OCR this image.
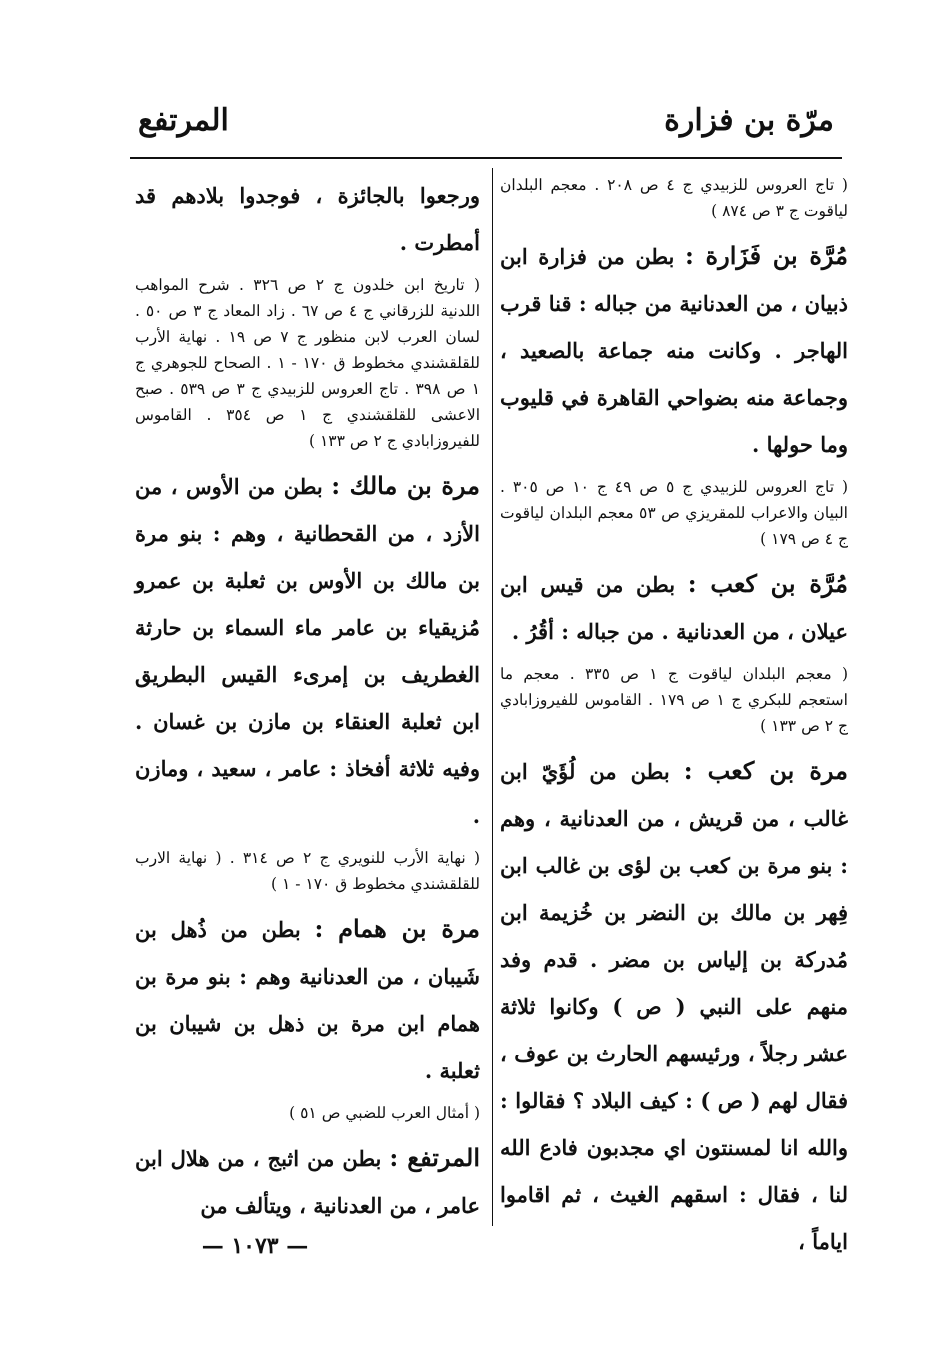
المرتفع	مرّة بن فزارة

( تاج العروس للزبيدي ج ٤ ص ٢٠٨ . معجم البلدان لياقوت ج ٣ ص ٨٧٤ )

مُرَّة بن فَزَارة : بطن من فزارة ابن ذبيان ، من العدنانية من جباله : قنا قرب الهاجر . وكانت منه جماعة بالصعيد ، وجماعة منه بضواحي القاهرة في قليوب وما حولها .

( تاج العروس للزبيدي ج ٥ ص ٤٩ ج ١٠ ص ٣٠٥ . البيان والاعراب للمقريزي ص ٥٣ معجم البلدان لياقوت ج ٤ ص ١٧٩ )

مُرَّة بن كعب : بطن من قيس ابن عيلان ، من العدنانية . من جباله : أقُرُ .

( معجم البلدان لياقوت ج ١ ص ٣٣٥ . معجم ما استعجم للبكري ج ١ ص ١٧٩ . القاموس للفيروزابادي ج ٢ ص ١٣٣ )

مرة بن كعب : بطن من لُؤَيّ ابن غالب ، من قريش ، من العدنانية ، وهم : بنو مرة بن كعب بن لؤى بن غالب ابن فِهر بن مالك بن النضر بن خُزيمة ابن مُدركة بن إلياس بن مضر . قدم وفد منهم على النبي ( ص ) وكانوا ثلاثة عشر رجلاً ، ورئيسهم الحارث بن عوف ، فقال لهم ( ص ) : كيف البلاد ؟ فقالوا : والله انا لمسنتون اي مجدبون فادع الله لنا ، فقال : اسقهم الغيث ، ثم اقاموا اياماً ،

ورجعوا بالجائزة ، فوجدوا بلادهم قد أمطرت .

( تاريخ ابن خلدون ج ٢ ص ٣٢٦ . شرح المواهب اللدنية للزرقاني ج ٤ ص ٦٧ . زاد المعاد ج ٣ ص ٥٠ . لسان العرب لابن منظور ج ٧ ص ١٩ . نهاية الأرب للقلقشندي مخطوط ق ١٧٠ - ١ . الصحاح للجوهري ج ١ ص ٣٩٨ . تاج العروس للزبيدي ج ٣ ص ٥٣٩ . صبح الاعشى للقلقشندي ج ١ ص ٣٥٤ . القاموس للفيروزابادي ج ٢ ص ١٣٣ )

مرة بن مالك : بطن من الأوس ، من الأزد ، من القحطانية ، وهم : بنو مرة بن مالك بن الأوس بن ثعلبة بن عمرو مُزيقياء بن عامر ماء السماء بن حارثة الغطريف بن إمرىء القيس البطريق ابن ثعلبة العنقاء بن مازن بن غسان . وفيه ثلاثة أفخاذ : عامر ، سعيد ، ومازن .

( نهاية الأرب للنويري ج ٢ ص ٣١٤ . ( نهاية الارب للقلقشندي مخطوط ق ١٧٠ - ١ )

مرة بن همام : بطن من ذُهل بن شَيبان ، من العدنانية وهم : بنو مرة بن همام ابن مرة بن ذهل بن شيبان بن ثعلبة .

( أمثال العرب للضبي ص ٥١ )

المرتفع : بطن من اثبج ، من هلال ابن عامر ، من العدنانية ، ويتألف من

— ١٠٧٣ —
